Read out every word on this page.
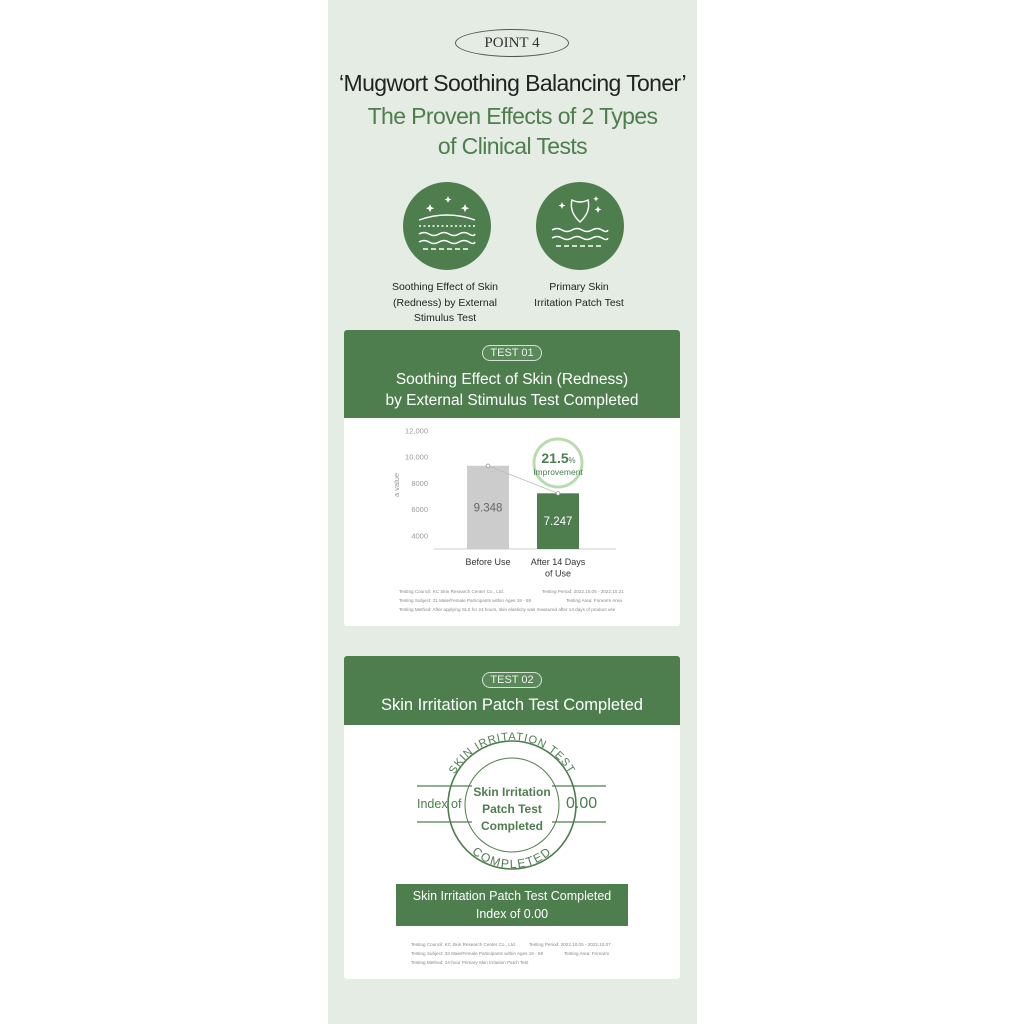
POINT 4
‘Mugwort Soothing Balancing Toner’
The Proven Effects of 2 Types
of Clinical Tests
Soothing Effect of Skin
(Redness) by External
Stimulus Test
Primary Skin
Irritation Patch Test
TEST 01
Soothing Effect of Skin (Redness)
by External Stimulus Test Completed
4000
6000
8000
10,000
12,000
a value
9.348
Before Use
7.247
After 14 Days
of Use
21.5 %
Improvement
Testing Council: KC Skin Research Center Co., Ltd.	Testing Period: 2022.10.05 - 2022.10.21
Testing Subject: 21 Male/Female Participants within Ages 19 - 59	Testing Area: Forearm Area
Testing Method: After applying SLS for 24 hours, skin elasticity was measured after 14 days of product use
TEST 02
Skin Irritation Patch Test Completed
SKIN IRRITATION TEST
COMPLETED
Skin Irritation
Patch Test
Completed
Index of	0.00
Skin Irritation Patch Test Completed
Index of 0.00
Testing Council: KC Skin Research Center Co., Ltd.	Testing Period: 2022.10.05 - 2022.10.07
Testing Subject: 33 Male/Female Participants within Ages 19 - 59	Testing Area: Forearm
Testing Method: 24-hour Primary Skin Irritation Patch Test
